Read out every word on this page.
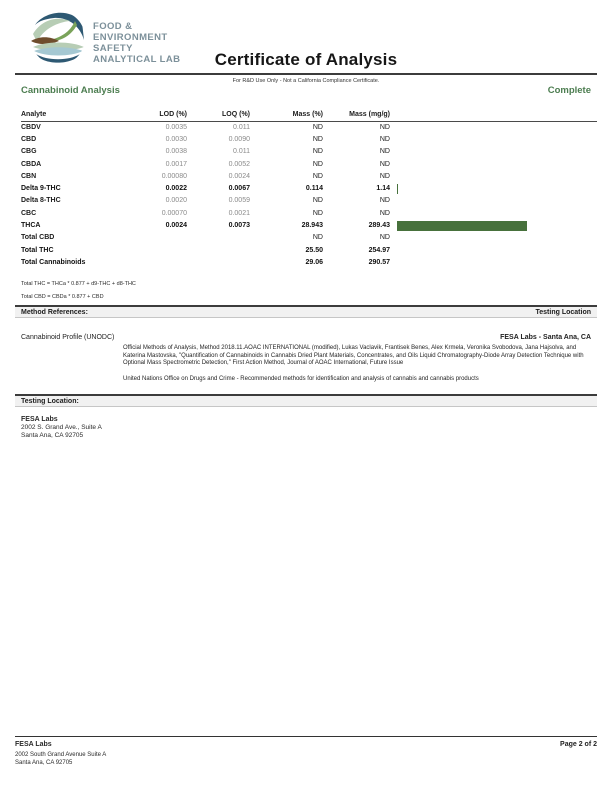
FOOD &
ENVIRONMENT
SAFETY
ANALYTICAL LAB	Certificate of Analysis
For R&D Use Only - Not a California Compliance Certificate.
Cannabinoid Analysis	Complete
Analyte	LOD (%)	LOQ (%)	Mass (%)	Mass (mg/g)	
CBDV	0.0035	0.011	ND	ND	
CBD	0.0030	0.0090	ND	ND	
CBG	0.0038	0.011	ND	ND	
CBDA	0.0017	0.0052	ND	ND	
CBN	0.00080	0.0024	ND	ND	
Delta 9-THC	0.0022	0.0067	0.114	1.14	

Delta 8-THC	0.0020	0.0059	ND	ND	
CBC	0.00070	0.0021	ND	ND	
THCA	0.0024	0.0073	28.943	289.43	

Total CBD			ND	ND	
Total THC			25.50	254.97	
Total Cannabinoids			29.06	290.57	
Total THC = THCa * 0.877 + d9-THC + d8-THC
Total CBD = CBDa * 0.877 + CBD
Method References:	Testing Location
Cannabinoid Profile (UNODC)	FESA Labs - Santa Ana, CA

Official Methods of Analysis, Method 2018.11.AOAC INTERNATIONAL (modified), Lukas Vaclavik, Frantisek Benes, Alex Krmela, Veronika Svobodova, Jana Hajsolva, and Katerina Mastovska, "Quantification of Cannabinoids in Cannabis Dried Plant Materials, Concentrates, and Oils Liquid Chromatography-Diode Array Detection Technique with Optional Mass Spectrometric Detection," First Action Method, Journal of AOAC International, Future Issue

United Nations Office on Drugs and Crime - Recommended methods for identification and analysis of cannabis and cannabis products

Testing Location:
FESA Labs
2002 S. Grand Ave., Suite A
Santa Ana, CA 92705
FESA Labs
2002 South Grand Avenue Suite A
Santa Ana, CA 92705
Page 2 of 2
